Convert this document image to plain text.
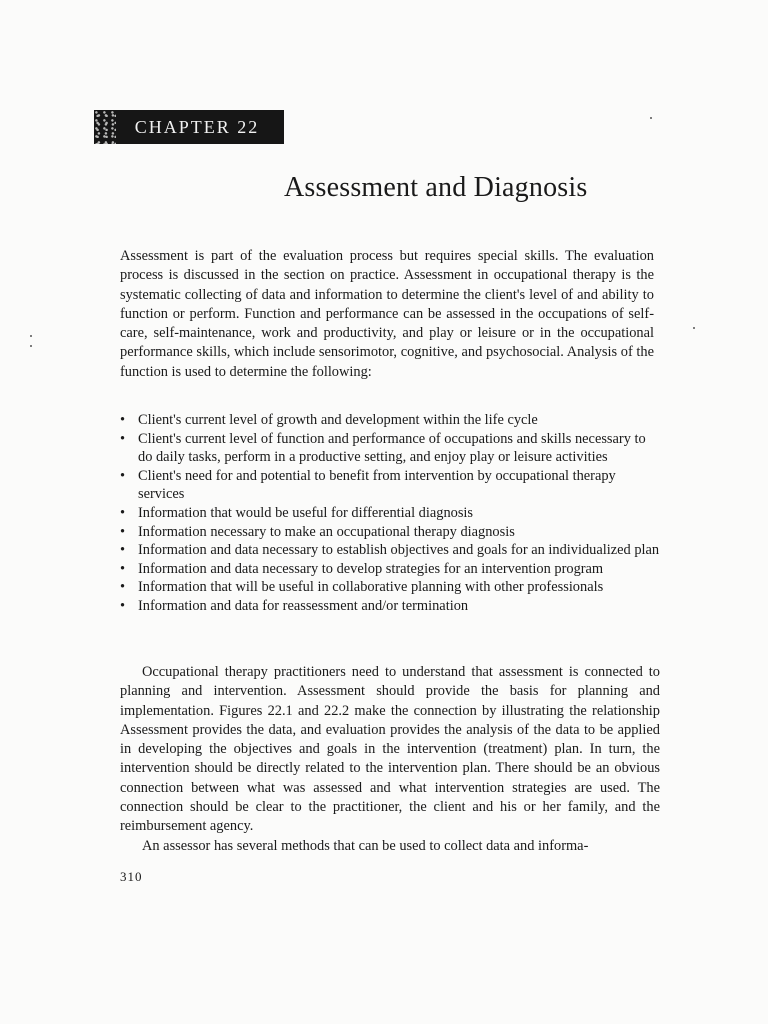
CHAPTER 22
Assessment and Diagnosis

Assessment is part of the evaluation process but requires special skills. The evaluation process is discussed in the section on practice. Assessment in occupational therapy is the systematic collecting of data and information to determine the client's level of and ability to function or perform. Function and performance can be assessed in the occupations of self-care, self-maintenance, work and productivity, and play or leisure or in the occupational performance skills, which include sensorimotor, cognitive, and psychosocial. Analysis of the function is used to determine the following:

• Client's current level of growth and development within the life cycle
• Client's current level of function and performance of occupations and skills necessary to do daily tasks, perform in a productive setting, and enjoy play or leisure activities
• Client's need for and potential to benefit from intervention by occupational therapy services
• Information that would be useful for differential diagnosis
• Information necessary to make an occupational therapy diagnosis
• Information and data necessary to establish objectives and goals for an individualized plan
• Information and data necessary to develop strategies for an intervention program
• Information that will be useful in collaborative planning with other professionals
• Information and data for reassessment and/or termination

Occupational therapy practitioners need to understand that assessment is connected to planning and intervention. Assessment should provide the basis for planning and implementation. Figures 22.1 and 22.2 make the connection by illustrating the relationship Assessment provides the data, and evaluation provides the analysis of the data to be applied in developing the objectives and goals in the intervention (treatment) plan. In turn, the intervention should be directly related to the intervention plan. There should be an obvious connection between what was assessed and what intervention strategies are used. The connection should be clear to the practitioner, the client and his or her family, and the reimbursement agency.

An assessor has several methods that can be used to collect data and informa-

310
